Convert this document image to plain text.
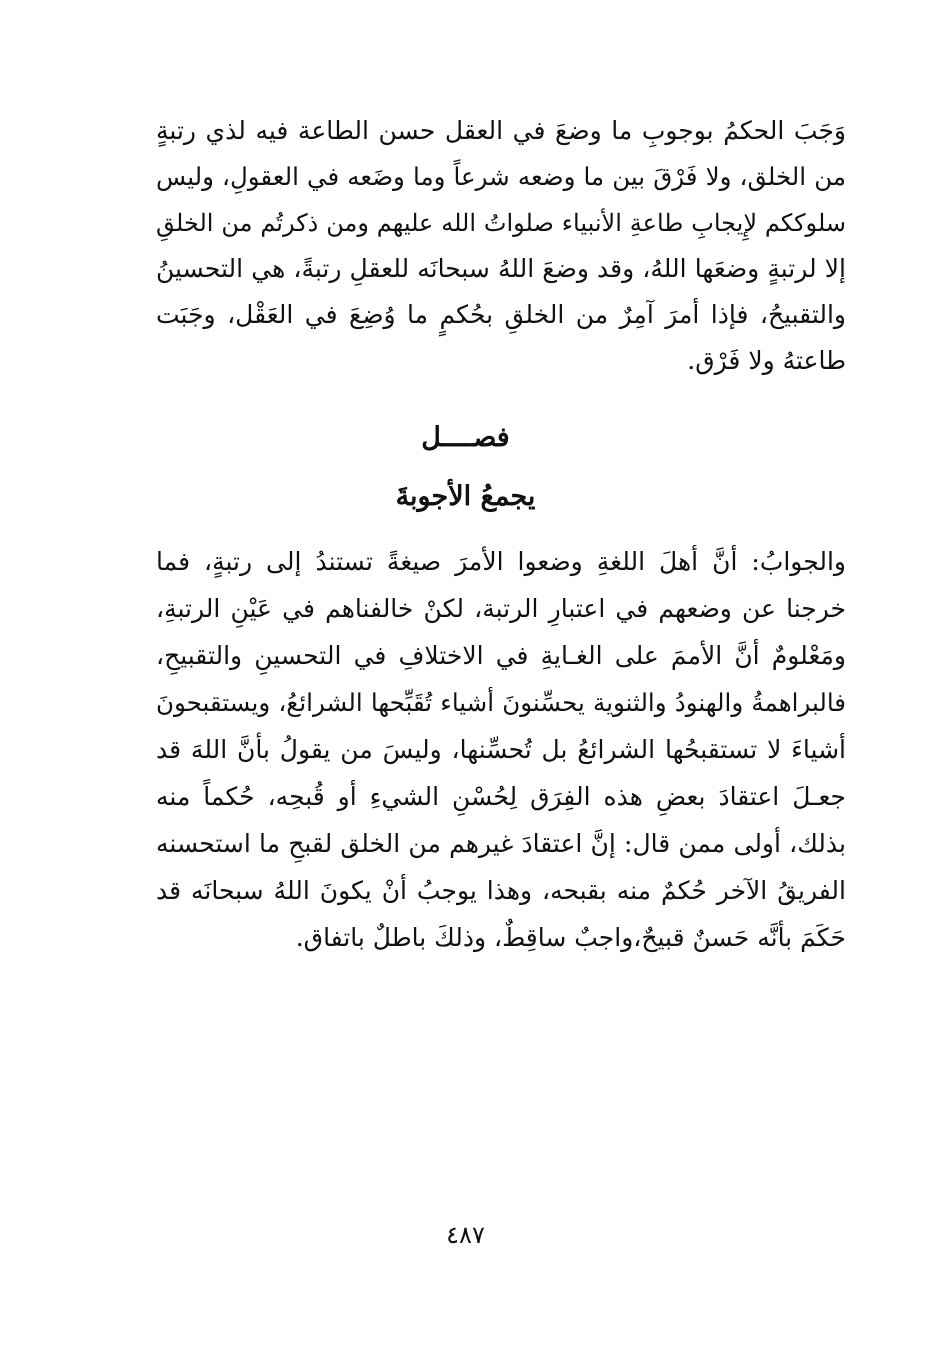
وَجَبَ الحكمُ بوجوبِ ما وضعَ في العقل حسن الطاعة فيه لذي رتبةٍ
من الخلق، ولا فَرْقَ بين ما وضعه شرعاً وما وضَعه في العقولِ، وليس
سلوككم لإِيجابِ طاعةِ الأنبياء صلواتُ الله عليهم ومن ذكرتُم من الخلقِ
إلا لرتبةٍ وضعَها اللهُ، وقد وضعَ اللهُ سبحانَه للعقلِ رتبةً، هي التحسينُ
والتقبيحُ، فإذا أمرَ آمِرٌ من الخلقِ بحُكمٍ ما وُضِعَ في العَقْل، وجَبَت
طاعتهُ ولا فَرْق.
فصــــل
يجمعُ الأجوبةَ
والجوابُ: أنَّ أهلَ اللغةِ وضعوا الأمرَ صيغةً تستندُ إلى رتبةٍ، فما
خرجنا عن وضعهم في اعتبارِ الرتبة، لكنْ خالفناهم في عَيْنِ الرتبةِ،
ومَعْلومٌ أنَّ الأممَ على الغـايةِ في الاختلافِ في التحسينِ والتقبيحِ،
فالبراهمةُ والهنودُ والثنوية يحسِّنونَ أشياء تُقَبِّحها الشرائعُ، ويستقبحونَ
أشياءَ لا تستقبحُها الشرائعُ بل تُحسِّنها، وليسَ من يقولُ بأنَّ اللهَ قد
جعـلَ اعتقادَ بعضِ هذه الفِرَق لِحُسْنِ الشيءِ أو قُبحِه، حُكماً منه
بذلك، أولى ممن قال: إنَّ اعتقادَ غيرهم من الخلق لقبحِ ما استحسنه
الفريقُ الآخر حُكمٌ منه بقبحه، وهذا يوجبُ أنْ يكونَ اللهُ سبحانَه قد
حَكَمَ بأنَّه حَسنٌ قبيحٌ،واجبٌ ساقِطٌ، وذلكَ باطلٌ باتفاق.
٤٨٧
